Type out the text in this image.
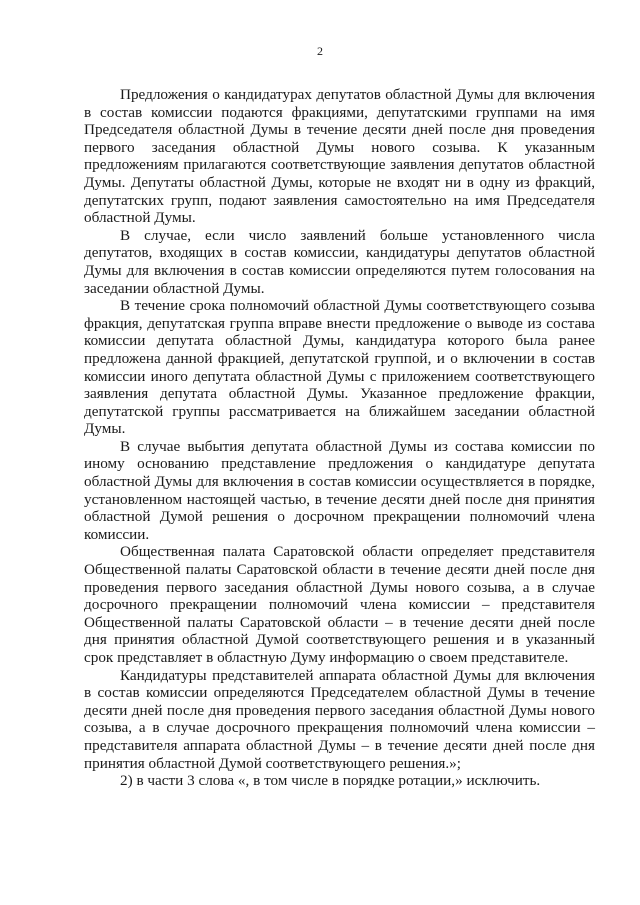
2

Предложения о кандидатурах депутатов областной Думы для включения в состав комиссии подаются фракциями, депутатскими группами на имя Председателя областной Думы в течение десяти дней после дня проведения первого заседания областной Думы нового созыва. К указанным предложениям прилагаются соответствующие заявления депутатов областной Думы. Депутаты областной Думы, которые не входят ни в одну из фракций, депутатских групп, подают заявления самостоятельно на имя Председателя областной Думы.

В случае, если число заявлений больше установленного числа депутатов, входящих в состав комиссии, кандидатуры депутатов областной Думы для включения в состав комиссии определяются путем голосования на заседании областной Думы.

В течение срока полномочий областной Думы соответствующего созыва фракция, депутатская группа вправе внести предложение о выводе из состава комиссии депутата областной Думы, кандидатура которого была ранее предложена данной фракцией, депутатской группой, и о включении в состав комиссии иного депутата областной Думы с приложением соответствующего заявления депутата областной Думы. Указанное предложение фракции, депутатской группы рассматривается на ближайшем заседании областной Думы.

В случае выбытия депутата областной Думы из состава комиссии по иному основанию представление предложения о кандидатуре депутата областной Думы для включения в состав комиссии осуществляется в порядке, установленном настоящей частью, в течение десяти дней после дня принятия областной Думой решения о досрочном прекращении полномочий члена комиссии.

Общественная палата Саратовской области определяет представителя Общественной палаты Саратовской области в течение десяти дней после дня проведения первого заседания областной Думы нового созыва, а в случае досрочного прекращении полномочий члена комиссии – представителя Общественной палаты Саратовской области – в течение десяти дней после дня принятия областной Думой соответствующего решения и в указанный срок представляет в областную Думу информацию о своем представителе.

Кандидатуры представителей аппарата областной Думы для включения в состав комиссии определяются Председателем областной Думы в течение десяти дней после дня проведения первого заседания областной Думы нового созыва, а в случае досрочного прекращения полномочий члена комиссии – представителя аппарата областной Думы – в течение десяти дней после дня принятия областной Думой соответствующего решения.»;

2) в части 3 слова «, в том числе в порядке ротации,» исключить.
